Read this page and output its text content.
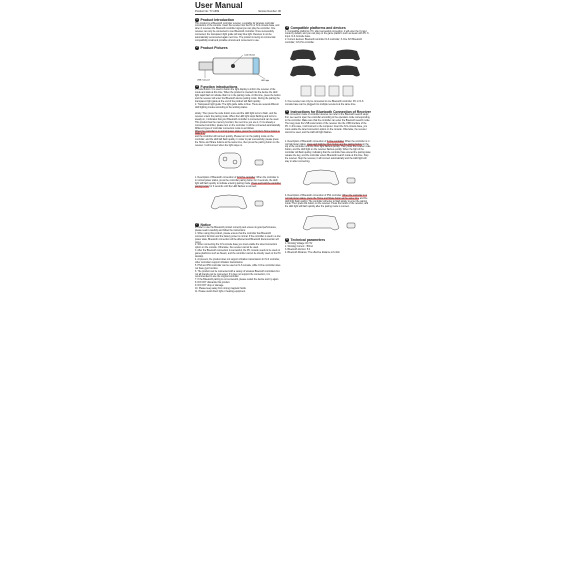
User Manual
Product No: TY-1669	Version Number: 00
1 Product Introduction

This product is a Bluetooth controller receiver, a suitable for wireless controller connection of the console. Insert the receiver into the PC or N-S console base, and when it receives the Bluetooth controller signal you can play the controller. One receiver can only be connected to one Bluetooth controller. Once successfully connected, the transparent light guide will stay blue light. Receiver is not be automatically reconnected again next time. The product is loving to commercial compatibility small and portable utmosts and convenient to use.

2 Product Pictures
Code Button
USB male port	LED light
3 Function introductions

1. Code Button: It is used to button the light display to inform the receiver of the mode and stats at this time. When the product is inserted into the device the LED light rapid flash to indicate that it is in the pairing mode. At this time, press the button and the receiver will enter the Bluetooth device pairing mode. During the pairing the transparent light guide at the end of the product will flash quickly.
2. Transparent light guide: The light guide cable is blue. There are several different LED lighting modes according to the working status.

slowly. Then press the code button once and the LED light turns to flash, and the receiver enters the pairing mode. When the LED light stops flashing and turns to steady on, it indicates that your Bluetooth controller is connected and can be used. This product has the memory function; the next time you use it, if it is already a connected controller, please turn on the controller. It will be connected automatically. Different types of controller connection mode is as follows:
When the controller is in normal power status, press the controller's Home button to wake it up
and the controller will connect quickly. Please turn on the pairing mode on the controller, and the LED will flash quickly. In order to pair successfully, please press the Home and Share buttons at the same time, then press the pairing button on the receiver. It will connect when the light stays on.

1. Description of Bluetooth connection of N-S Pro controller: When the controller is in normal power status, press the controller pairing button for 3 seconds, the LED light will flash quickly to indicate entering pairing mode. Press and hold the controller pairing button for 3 seconds until the LED flashes to connect.

7 Notice

In order to use the Bluetooth product correctly and ensure its good performance, please read it carefully and follow the instructions:
1. When using this product, please ensure that the controller has Bluetooth connection function and the battery power is normal. If the controller is used in a low power state, Bluetooth connection will be affected and Bluetooth disconnection will occur.
2. When connecting the N-S console base you must enable the wired connection option on the console. Otherwise, the receiver cannot be used.
3. After the Bluetooth connection is successful, the PC console needs to be used on game platforms such as Steam, and the controller cannot be directly used on the PC desktop.
4. At present, the product does not support vibration transmission for N-S controller, other controllers support vibration transmission.
5. PS3 and PS4 controller can be used on N-S console, while X-One controller does not have gyro function.
6. The product can be connected with a variety of wireless Bluetooth controllers but not all brands can be connected. If it does not support the connection, it is recommended to use the original controller.
7. If the Bluetooth pairing is not successful, please restart the device and try again.
8. DO NOT dismantle this product.
9. DO NOT drop or damage.
10. Please keep away from strong magnetic fields.
11. Please avoid direct light or heating equipment.

4 Compatible platforms and devices

1. Compatible platforms: PC, after successful connection, it will enter the X-input mode by default, and you can play on the game platform such as steam with PC X-Input. N-S Console base.
2. Current devices: Bluetooth controller N-S controller; X-One S/X Bluetooth controller; N-S Pro controller.

3. One receiver can only be connected to one Bluetooth controller. PC or N-S console base can be plugged into multiple receivers at the same time.

5 Instructions for Bluetooth Connection of Receiver

The connection mode of controller devices can refer to the Bluetooth search steps; first, we need to open the controller according to the operation mode corresponding to the controller. Make sure that the controller can enter the Bluetooth search mode. The long press the USB code button of the receiver into the USB interface of the PC. In this case, it will connect to the computer. Insert the N-S console base, you must enable the wired connection option on the console. Otherwise, the receiver cannot be used, and the LED will light flashes.

1. Description of Bluetooth connection of X-One controller: When the controller is in normal power status, press and hold the Xbox button and the pairing button on the top of the controller until the Xbox light flashes quickly. Then press the receiver code button, and the LED light on the receiver flashes quickly. When the light of the controller will flash quickly, indicating that the controller has entered the pairing state; release the key, and the controller enters Bluetooth search mode at this time. Stop the receiver. Stop the receiver, it will connect automatically and the LED light will stay on after connecting.

4. Description of Bluetooth connection of PS4 controller. When the controller is in normal power status, press the Home and Share button at the same time and the LED light flash quickly. The controller will enter to flash slowly to enter the pairing mode. Then press the button on the receiver. Press the button of the receiver, and the LED light will flash quickly after the pairing mode is connect.

6 Technical parameters

1. Working Voltage: DC 5V
2. Working Current: <50mA
3. Bluetooth Version: 5.0
4. Bluetooth Distance: The effective distance is 6-10m
